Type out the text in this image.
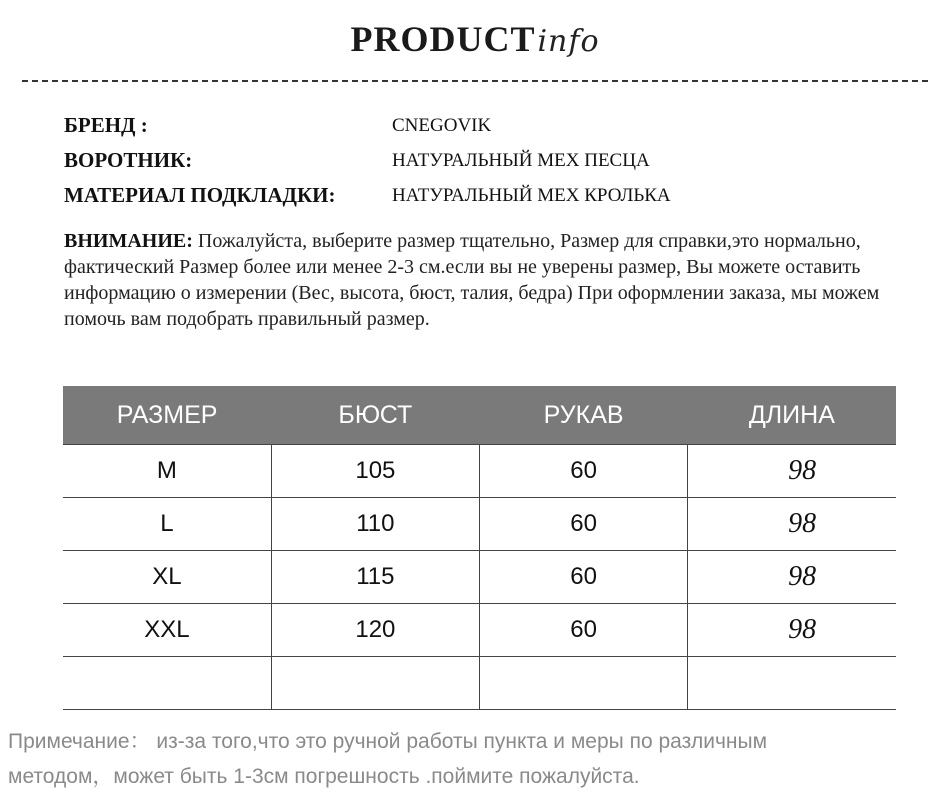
PRODUCTinfo
БРЕНД :	CNEGOVIK
ВОРОТНИК:	НАТУРАЛЬНЫЙ МЕХ ПЕСЦА
МАТЕРИАЛ ПОДКЛАДКИ:	НАТУРАЛЬНЫЙ МЕХ КРОЛЬКА
ВНИМАНИЕ: Пожалуйста, выберите размер тщательно, Размер для справки,это нормально, фактический Размер более или менее 2-3 см.если вы не уверены размер, Вы можете оставить информацию о измерении (Вес, высота, бюст, талия, бедра) При оформлении заказа, мы можем помочь вам подобрать правильный размер.
РАЗМЕР	БЮСТ	РУКАВ	ДЛИНА
M	105	60	98
L	110	60	98
XL	115	60	98
XXL	120	60	98

Примечание： из-за того,что это ручной работы пункта и меры по различным
методом，может быть 1-3см погрешность .поймите пожалуйста.
